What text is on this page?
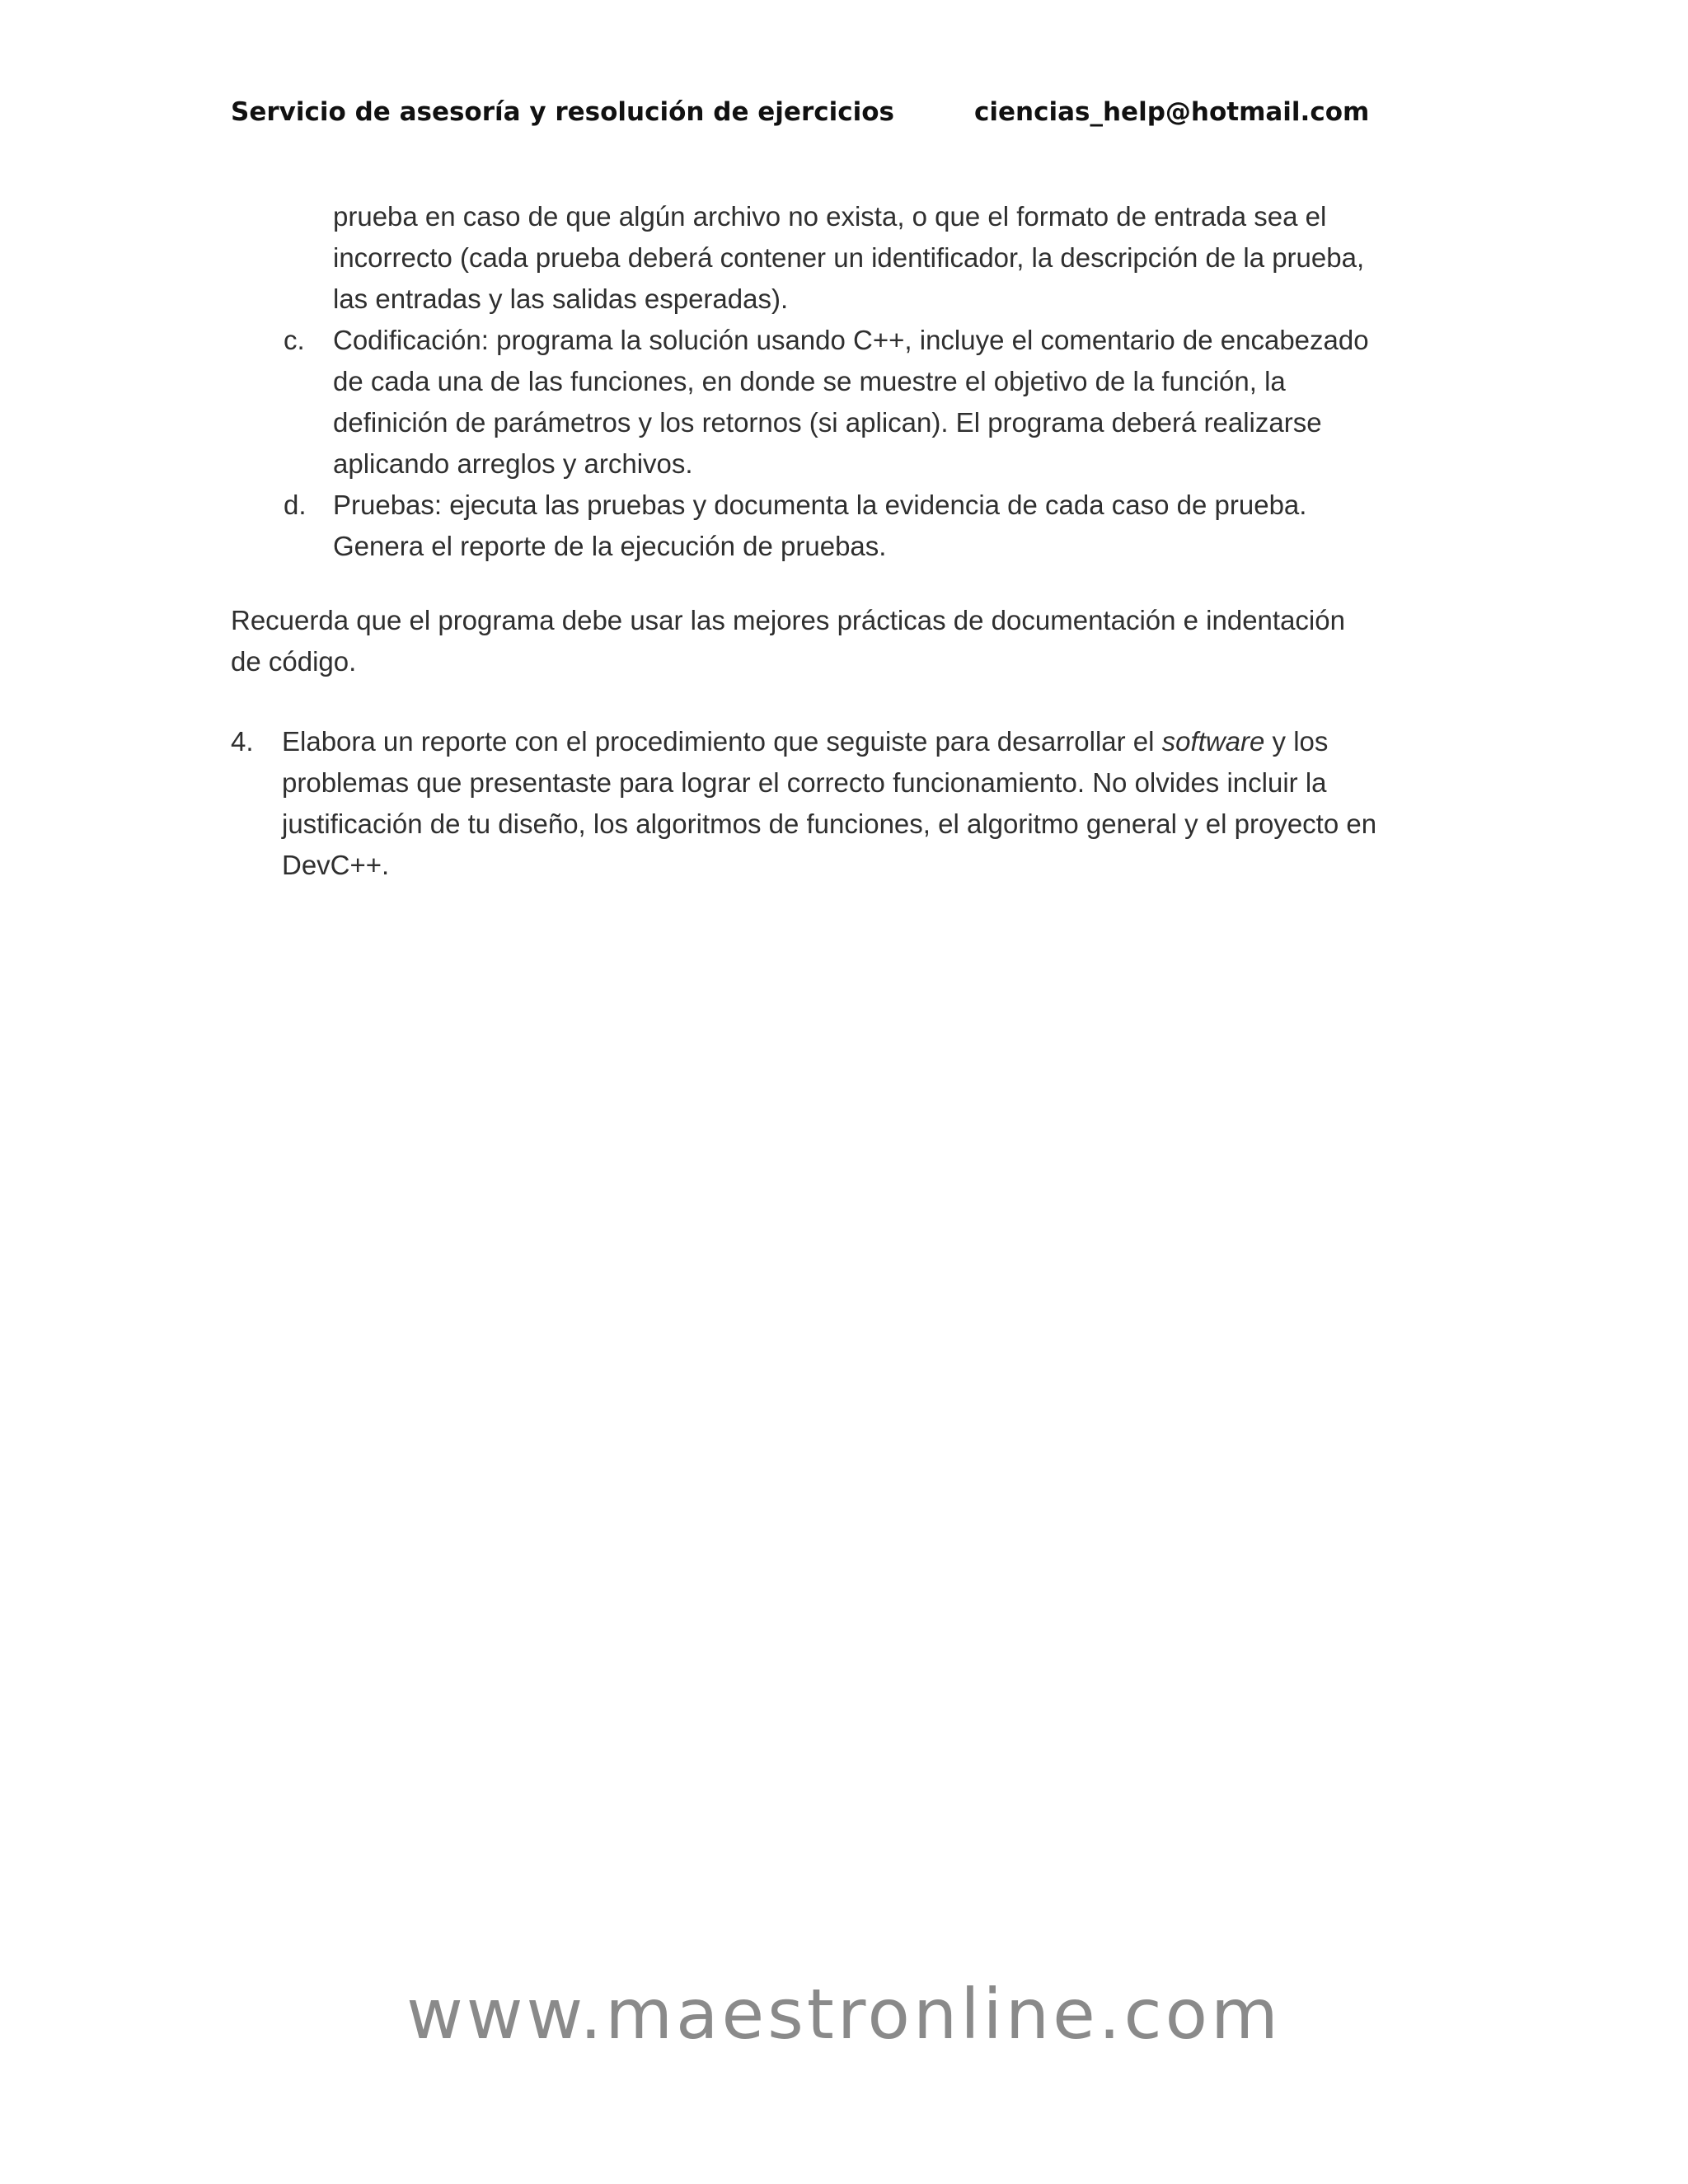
Servicio de asesoría y resolución de ejercicios	ciencias_help@hotmail.com
prueba en caso de que algún archivo no exista, o que el formato de entrada sea el
incorrecto (cada prueba deberá contener un identificador, la descripción de la prueba,
las entradas y las salidas esperadas).
c.	Codificación: programa la solución usando C++, incluye el comentario de encabezado
de cada una de las funciones, en donde se muestre el objetivo de la función, la
definición de parámetros y los retornos (si aplican). El programa deberá realizarse
aplicando arreglos y archivos.
d. Pruebas: ejecuta las pruebas y documenta la evidencia de cada caso de prueba.
Genera el reporte de la ejecución de pruebas.
Recuerda que el programa debe usar las mejores prácticas de documentación e indentación
de código.
4. Elabora un reporte con el procedimiento que seguiste para desarrollar el software y los
problemas que presentaste para lograr el correcto funcionamiento. No olvides incluir la
justificación de tu diseño, los algoritmos de funciones, el algoritmo general y el proyecto en
DevC++.
www.maestronline.com
